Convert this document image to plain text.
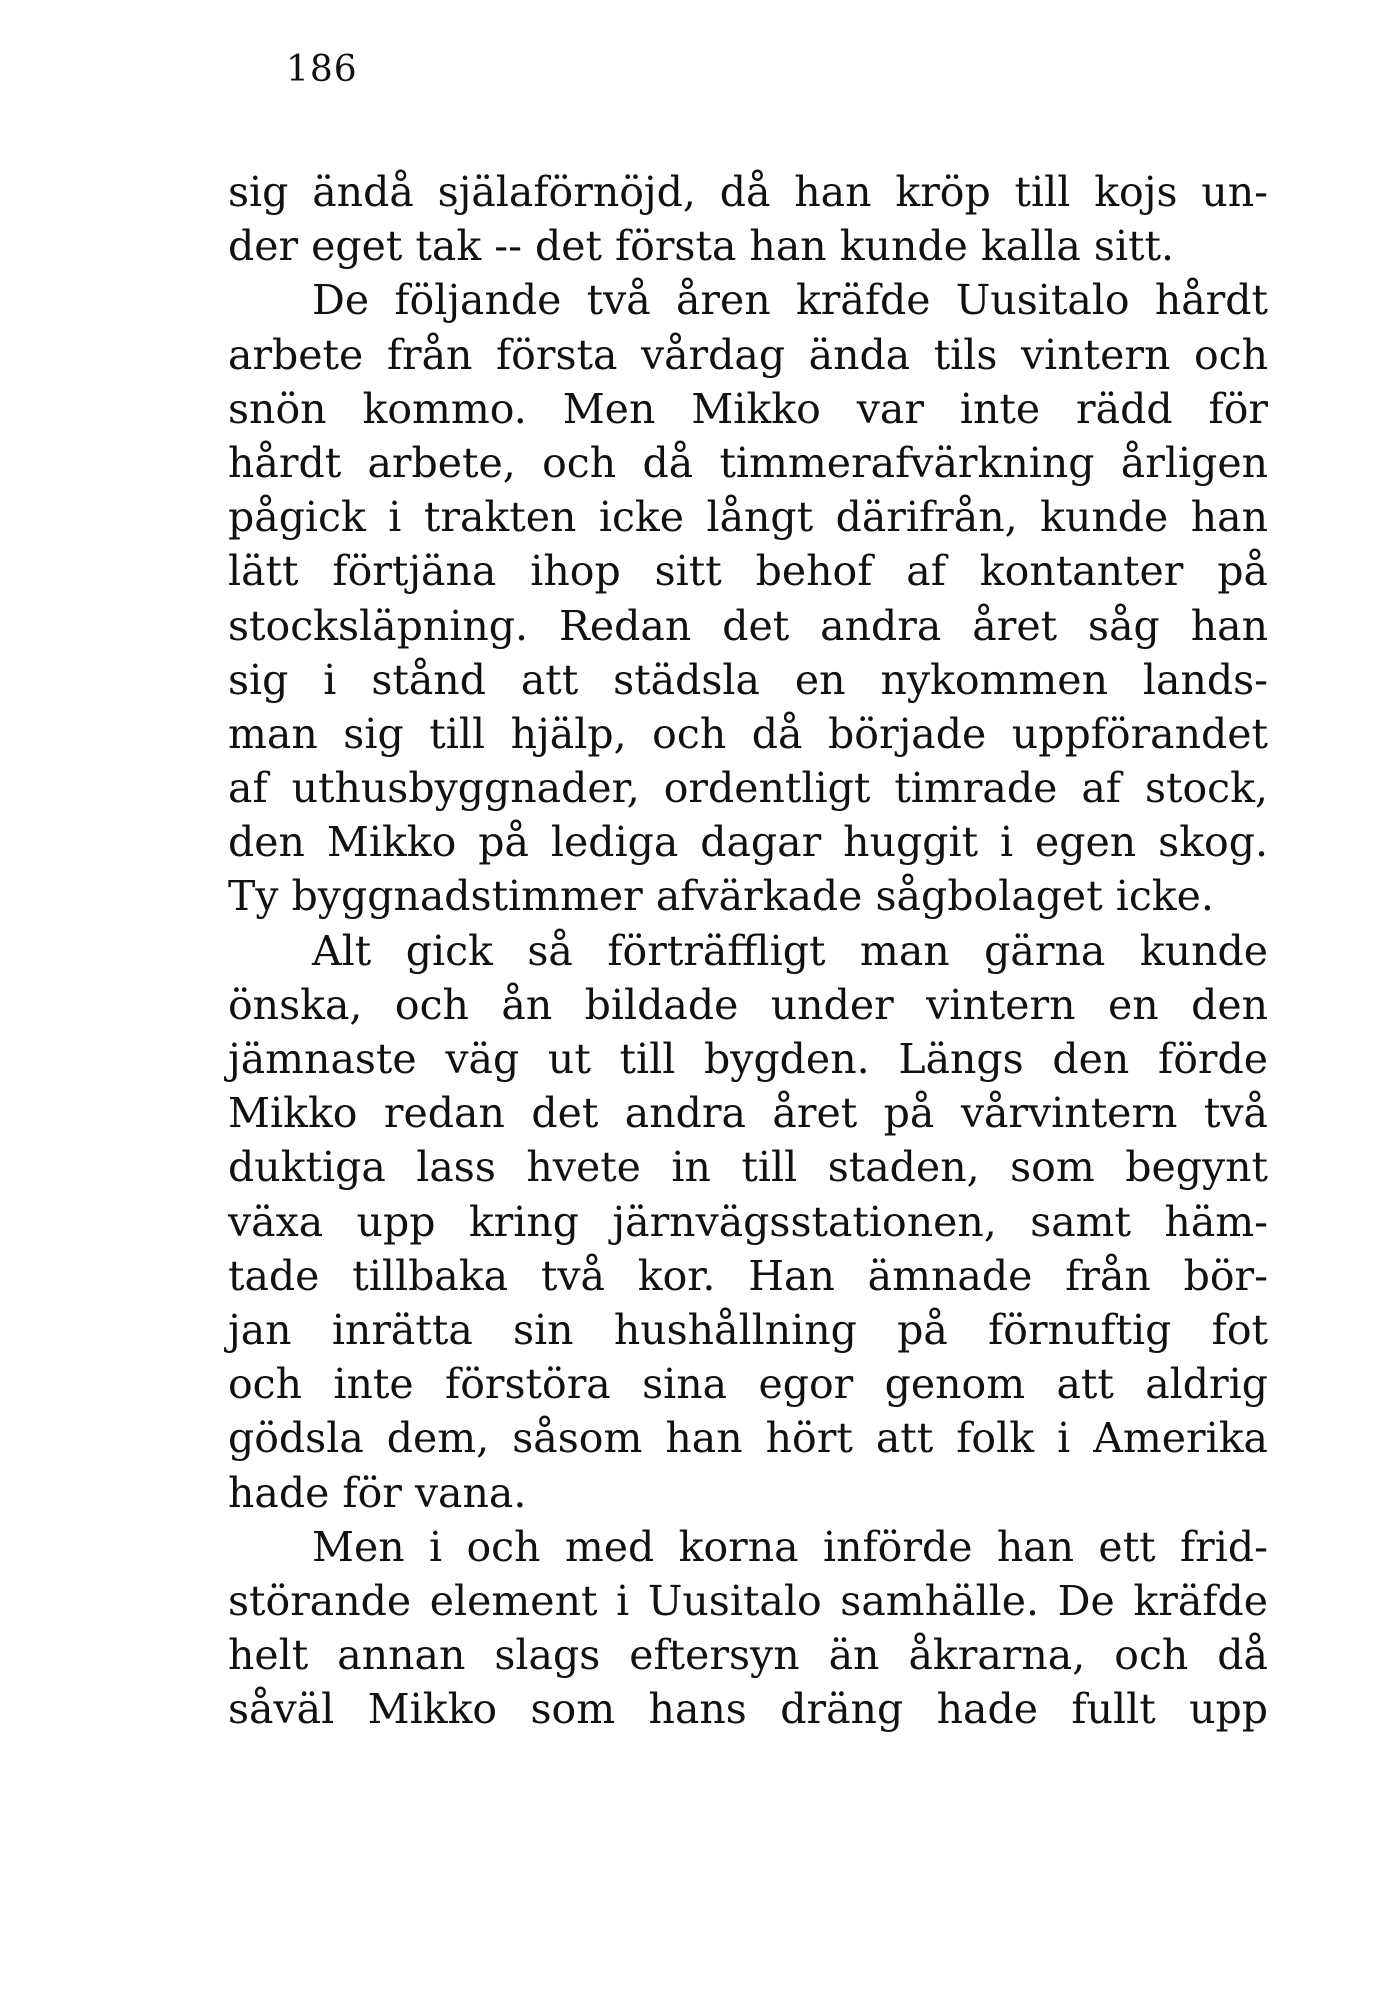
186
sig ändå själaförnöjd, då han kröp till kojs un-
der eget tak -- det första han kunde kalla sitt.
De följande två åren kräfde Uusitalo hårdt
arbete från första vårdag ända tils vintern och
snön kommo. Men Mikko var inte rädd för
hårdt arbete, och då timmerafvärkning årligen
pågick i trakten icke långt därifrån, kunde han
lätt förtjäna ihop sitt behof af kontanter på
stocksläpning. Redan det andra året såg han
sig i stånd att städsla en nykommen lands-
man sig till hjälp, och då började uppförandet
af uthusbyggnader, ordentligt timrade af stock,
den Mikko på lediga dagar huggit i egen skog.
Ty byggnadstimmer afvärkade sågbolaget icke.
Alt gick så förträffligt man gärna kunde
önska, och ån bildade under vintern en den
jämnaste väg ut till bygden. Längs den förde
Mikko redan det andra året på vårvintern två
duktiga lass hvete in till staden, som begynt
växa upp kring järnvägsstationen, samt häm-
tade tillbaka två kor. Han ämnade från bör-
jan inrätta sin hushållning på förnuftig fot
och inte förstöra sina egor genom att aldrig
gödsla dem, såsom han hört att folk i Amerika
hade för vana.
Men i och med korna införde han ett frid-
störande element i Uusitalo samhälle. De kräfde
helt annan slags eftersyn än åkrarna, och då
såväl Mikko som hans dräng hade fullt upp
